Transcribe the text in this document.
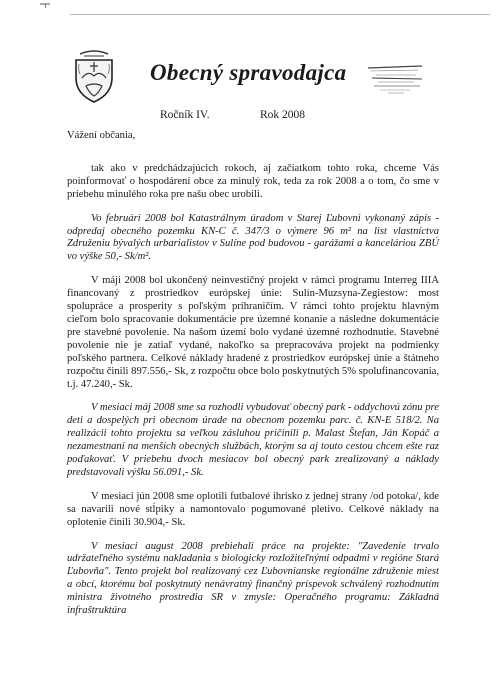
Obecný spravodajca
Ročník IV.	Rok 2008

Vážení občania,

tak ako v predchádzajúcich rokoch, aj začiatkom tohto roka, chceme Vás poinformovať o hospodárení obce za minulý rok, teda za rok 2008 a o tom, čo sme v priebehu minulého roka pre našu obec urobili.

Vo februári 2008 bol Katastrálnym úradom v Starej Ľubovni vykonaný zápis - odpredaj obecného pozemku KN-C č. 347/3 o výmere 96 m² na list vlastníctva Združeniu bývalých urbarialistov v Sulíne pod budovou - garážami a kanceláriou ZBÚ vo výške 50,- Sk/m².

V máji 2008 bol ukončený neinvestičný projekt v rámci programu Interreg IIIA financovaný z prostriedkov európskej únie: Sulín-Muzsyna-Zegiestow: most spolupráce a prosperity s poľským prihraničím. V rámci tohto projektu hlavným cieľom bolo spracovanie dokumentácie pre územné konanie a následne dokumentácie pre stavebné povolenie. Na našom území bolo vydané územné rozhodnutie. Stavebné povolenie nie je zatiaľ vydané, nakoľko sa prepracováva projekt na podmienky poľského partnera. Celkové náklady hradené z prostriedkov európskej únie a štátneho rozpočtu činili 897.556,- Sk, z rozpočtu obce bolo poskytnutých 5% spolufinancovania, t.j. 47.240,- Sk.

V mesiaci máj 2008 sme sa rozhodli vybudovať obecný park - oddychovú zónu pre deti a dospelých pri obecnom úrade na obecnom pozemku parc. č. KN-E 518/2. Na realizácii tohto projektu sa veľkou zásluhou pričinili p. Malast Štefan, Ján Kopáč a nezamestnaní na menších obecných službách, ktorým sa aj touto cestou chcem ešte raz poďakovať. V priebehu dvoch mesiacov bol obecný park zrealizovaný a náklady predstavovali výšku 56.091,- Sk.

V mesiaci jún 2008 sme oplotili futbalové ihrisko z jednej strany /od potoka/, kde sa navarili nové stĺpiky a namontovalo pogumované pletivo. Celkové náklady na oplotenie činili 30.904,- Sk.

V mesiaci august 2008 prebiehali práce na projekte: "Zavedenie trvalo udržateľného systému nakladania s biologicky rozložiteľnými odpadmi v regióne Stará Ľubovňa". Tento projekt bol realizovaný cez Ľubovnianske regionálne združenie miest a obcí, ktorému bol poskytnutý nenávratný finančný príspevok schválený rozhodnutím ministra životného prostredia SR v zmysle: Operačného programu: Základná infraštruktúra
